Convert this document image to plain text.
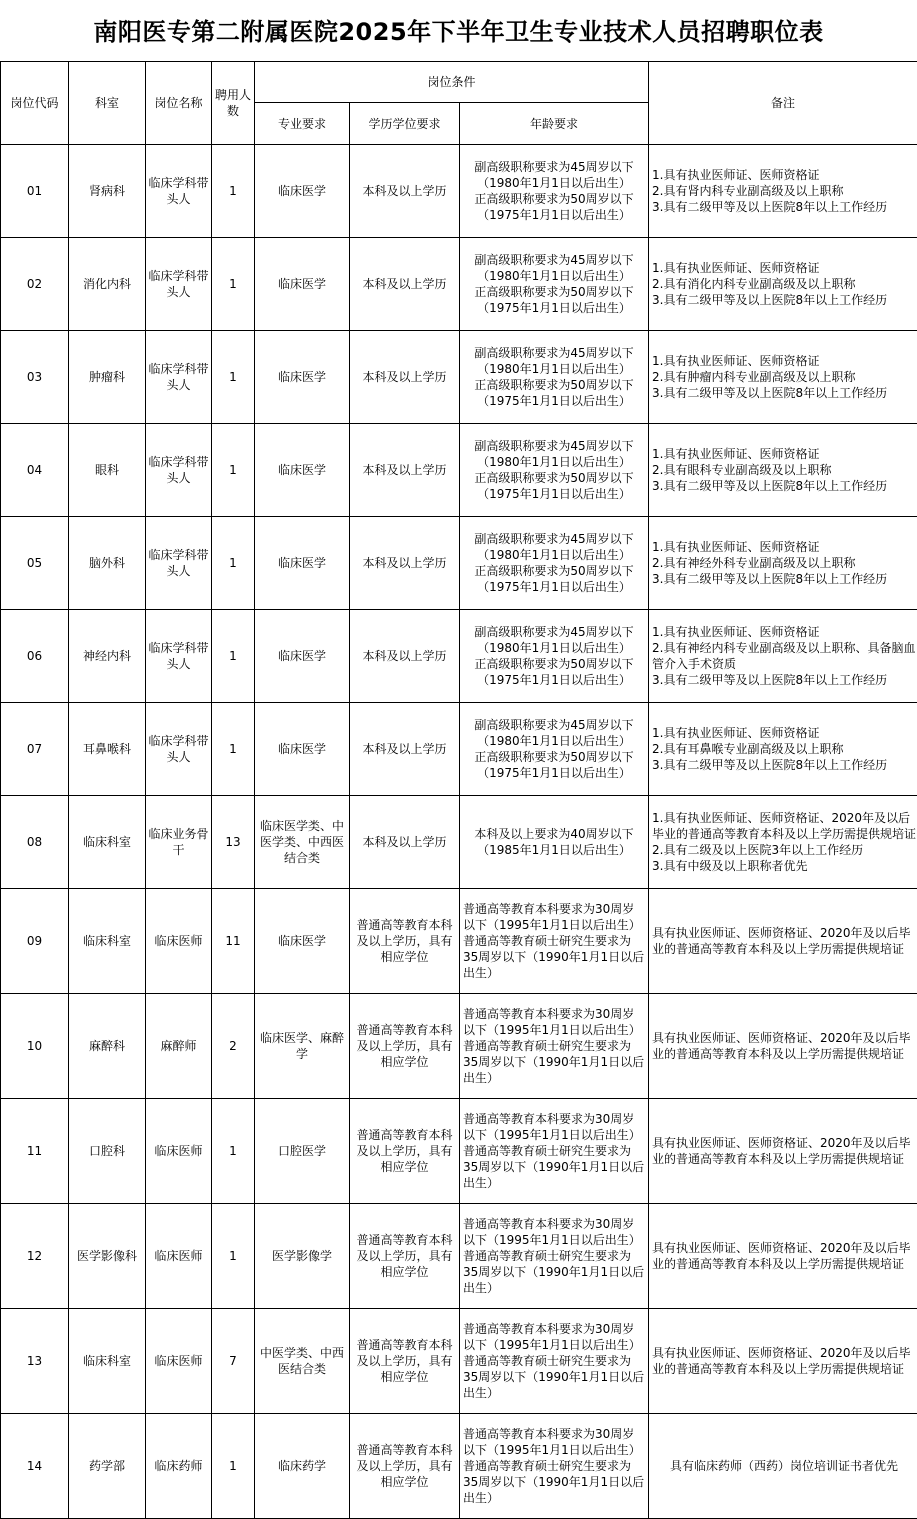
南阳医专第二附属医院2025年下半年卫生专业技术人员招聘职位表
岗位代码	科室	岗位名称	聘用人数	岗位条件			备注
				专业要求	学历学位要求	年龄要求	
01	肾病科	临床学科带头人	1	临床医学	本科及以上学历	副高级职称要求为45周岁以下
（1980年1月1日以后出生）
正高级职称要求为50周岁以下
（1975年1月1日以后出生）	1.具有执业医师证、医师资格证
2.具有肾内科专业副高级及以上职称
3.具有二级甲等及以上医院8年以上工作经历

02	消化内科	临床学科带头人	1	临床医学	本科及以上学历	副高级职称要求为45周岁以下
（1980年1月1日以后出生）
正高级职称要求为50周岁以下
（1975年1月1日以后出生）	1.具有执业医师证、医师资格证
2.具有消化内科专业副高级及以上职称
3.具有二级甲等及以上医院8年以上工作经历

03	肿瘤科	临床学科带头人	1	临床医学	本科及以上学历	副高级职称要求为45周岁以下
（1980年1月1日以后出生）
正高级职称要求为50周岁以下
（1975年1月1日以后出生）	1.具有执业医师证、医师资格证
2.具有肿瘤内科专业副高级及以上职称
3.具有二级甲等及以上医院8年以上工作经历

04	眼科	临床学科带头人	1	临床医学	本科及以上学历	副高级职称要求为45周岁以下
（1980年1月1日以后出生）
正高级职称要求为50周岁以下
（1975年1月1日以后出生）	1.具有执业医师证、医师资格证
2.具有眼科专业副高级及以上职称
3.具有二级甲等及以上医院8年以上工作经历

05	脑外科	临床学科带头人	1	临床医学	本科及以上学历	副高级职称要求为45周岁以下
（1980年1月1日以后出生）
正高级职称要求为50周岁以下
（1975年1月1日以后出生）	1.具有执业医师证、医师资格证
2.具有神经外科专业副高级及以上职称
3.具有二级甲等及以上医院8年以上工作经历

06	神经内科	临床学科带头人	1	临床医学	本科及以上学历	副高级职称要求为45周岁以下
（1980年1月1日以后出生）
正高级职称要求为50周岁以下
（1975年1月1日以后出生）	1.具有执业医师证、医师资格证
2.具有神经内科专业副高级及以上职称、具备脑血管介入手术资质
3.具有二级甲等及以上医院8年以上工作经历

07	耳鼻喉科	临床学科带头人	1	临床医学	本科及以上学历	副高级职称要求为45周岁以下
（1980年1月1日以后出生）
正高级职称要求为50周岁以下
（1975年1月1日以后出生）	1.具有执业医师证、医师资格证
2.具有耳鼻喉专业副高级及以上职称
3.具有二级甲等及以上医院8年以上工作经历

08	临床科室	临床业务骨干	13	临床医学类、中医学类、中西医结合类	本科及以上学历	本科及以上要求为40周岁以下
（1985年1月1日以后出生）	1.具有执业医师证、医师资格证、2020年及以后毕业的普通高等教育本科及以上学历需提供规培证
2.具有二级及以上医院3年以上工作经历
3.具有中级及以上职称者优先

09	临床科室	临床医师	11	临床医学	普通高等教育本科及以上学历，具有相应学位	普通高等教育本科要求为30周岁以下（1995年1月1日以后出生）
普通高等教育硕士研究生要求为35周岁以下（1990年1月1日以后出生）	具有执业医师证、医师资格证、2020年及以后毕业的普通高等教育本科及以上学历需提供规培证

10	麻醉科	麻醉师	2	临床医学、麻醉学	普通高等教育本科及以上学历，具有相应学位	普通高等教育本科要求为30周岁以下（1995年1月1日以后出生）
普通高等教育硕士研究生要求为35周岁以下（1990年1月1日以后出生）	具有执业医师证、医师资格证、2020年及以后毕业的普通高等教育本科及以上学历需提供规培证

11	口腔科	临床医师	1	口腔医学	普通高等教育本科及以上学历，具有相应学位	普通高等教育本科要求为30周岁以下（1995年1月1日以后出生）
普通高等教育硕士研究生要求为35周岁以下（1990年1月1日以后出生）	具有执业医师证、医师资格证、2020年及以后毕业的普通高等教育本科及以上学历需提供规培证

12	医学影像科	临床医师	1	医学影像学	普通高等教育本科及以上学历，具有相应学位	普通高等教育本科要求为30周岁以下（1995年1月1日以后出生）
普通高等教育硕士研究生要求为35周岁以下（1990年1月1日以后出生）	具有执业医师证、医师资格证、2020年及以后毕业的普通高等教育本科及以上学历需提供规培证

13	临床科室	临床医师	7	中医学类、中西医结合类	普通高等教育本科及以上学历，具有相应学位	普通高等教育本科要求为30周岁以下（1995年1月1日以后出生）
普通高等教育硕士研究生要求为35周岁以下（1990年1月1日以后出生）	具有执业医师证、医师资格证、2020年及以后毕业的普通高等教育本科及以上学历需提供规培证

14	药学部	临床药师	1	临床药学	普通高等教育本科及以上学历，具有相应学位	普通高等教育本科要求为30周岁以下（1995年1月1日以后出生）
普通高等教育硕士研究生要求为35周岁以下（1990年1月1日以后出生）	具有临床药师（西药）岗位培训证书者优先
